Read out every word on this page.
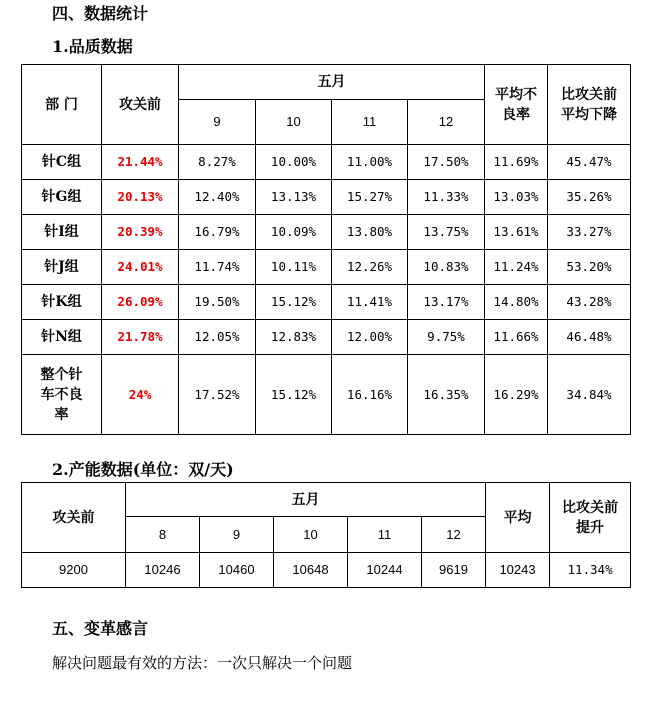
四、数据统计
1.品质数据
部 门	攻关前	五月				平均不良率	比攻关前平均下降
		9	10	11	12		
针C组	21.44%	8.27%	10.00%	11.00%	17.50%	11.69%	45.47%
针G组	20.13%	12.40%	13.13%	15.27%	11.33%	13.03%	35.26%
针I组	20.39%	16.79%	10.09%	13.80%	13.75%	13.61%	33.27%
针J组	24.01%	11.74%	10.11%	12.26%	10.83%	11.24%	53.20%
针K组	26.09%	19.50%	15.12%	11.41%	13.17%	14.80%	43.28%
针N组	21.78%	12.05%	12.83%	12.00%	9.75%	11.66%	46.48%
整个针车不良率	24%	17.52%	15.12%	16.16%	16.35%	16.29%	34.84%
2.产能数据(单位：双/天)
攻关前	五月					平均	比攻关前提升
	8	9	10	11	12		
9200	10246	10460	10648	10244	9619	10243	11.34%
五、变革感言
解决问题最有效的方法：一次只解决一个问题
